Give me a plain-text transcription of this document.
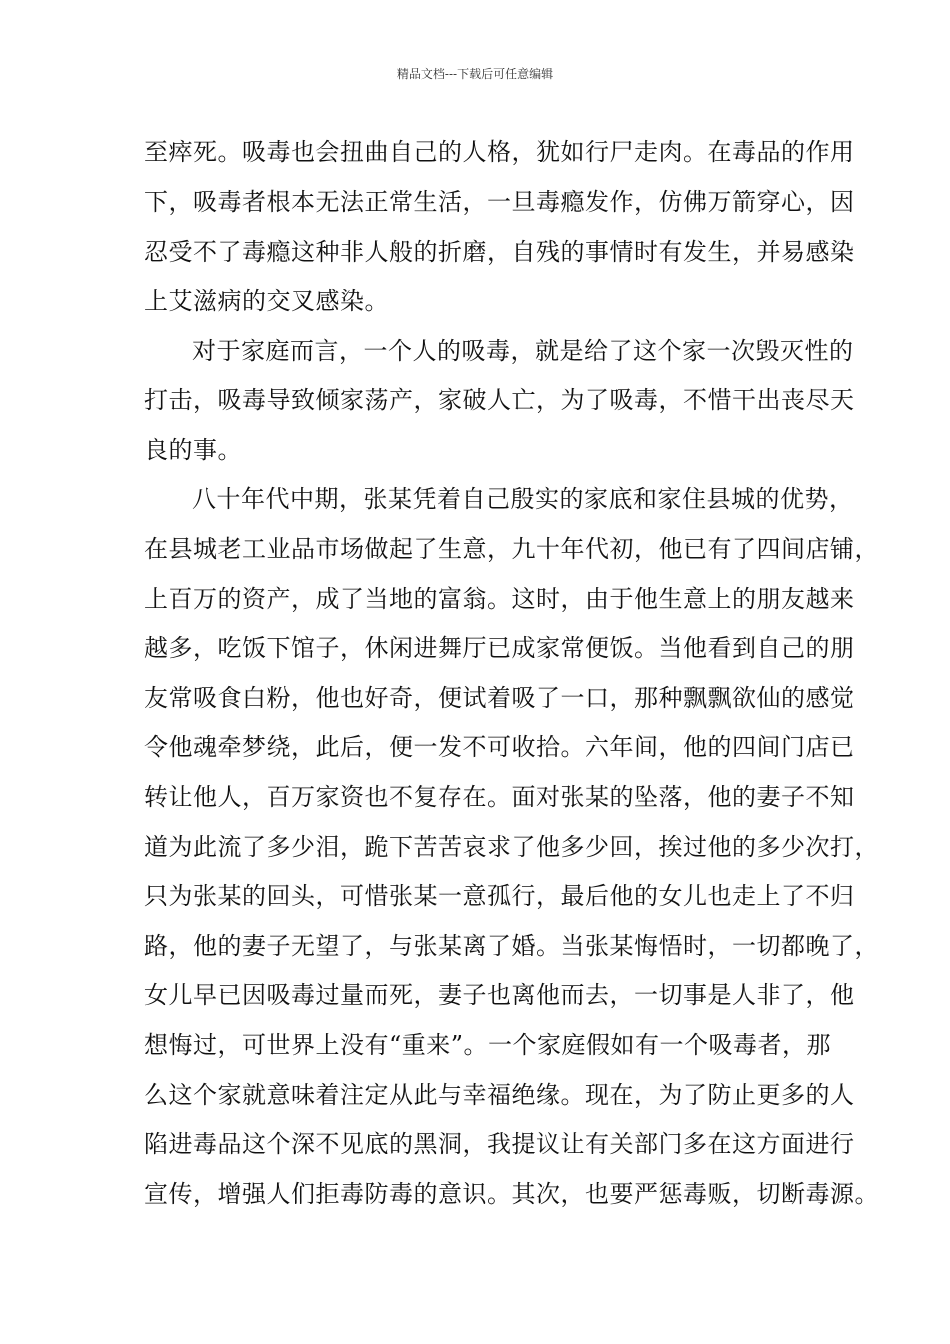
精品文档---下载后可任意编辑
至瘁死。吸毒也会扭曲自己的人格，犹如行尸走肉。在毒品的作用
下，吸毒者根本无法正常生活，一旦毒瘾发作，仿佛万箭穿心，因
忍受不了毒瘾这种非人般的折磨，自残的事情时有发生，并易感染
上艾滋病的交叉感染。
对于家庭而言，一个人的吸毒，就是给了这个家一次毁灭性的
打击，吸毒导致倾家荡产，家破人亡，为了吸毒，不惜干出丧尽天
良的事。
八十年代中期，张某凭着自己殷实的家底和家住县城的优势，
在县城老工业品市场做起了生意，九十年代初，他已有了四间店铺，
上百万的资产，成了当地的富翁。这时，由于他生意上的朋友越来
越多，吃饭下馆子，休闲进舞厅已成家常便饭。当他看到自己的朋
友常吸食白粉，他也好奇，便试着吸了一口，那种飘飘欲仙的感觉
令他魂牵梦绕，此后，便一发不可收拾。六年间，他的四间门店已
转让他人，百万家资也不复存在。面对张某的坠落，他的妻子不知
道为此流了多少泪，跪下苦苦哀求了他多少回，挨过他的多少次打，
只为张某的回头，可惜张某一意孤行，最后他的女儿也走上了不归
路，他的妻子无望了，与张某离了婚。当张某悔悟时，一切都晚了，
女儿早已因吸毒过量而死，妻子也离他而去，一切事是人非了，他
想悔过，可世界上没有“重来”。一个家庭假如有一个吸毒者，那
么这个家就意味着注定从此与幸福绝缘。现在，为了防止更多的人
陷进毒品这个深不见底的黑洞，我提议让有关部门多在这方面进行
宣传，增强人们拒毒防毒的意识。其次，也要严惩毒贩，切断毒源。
